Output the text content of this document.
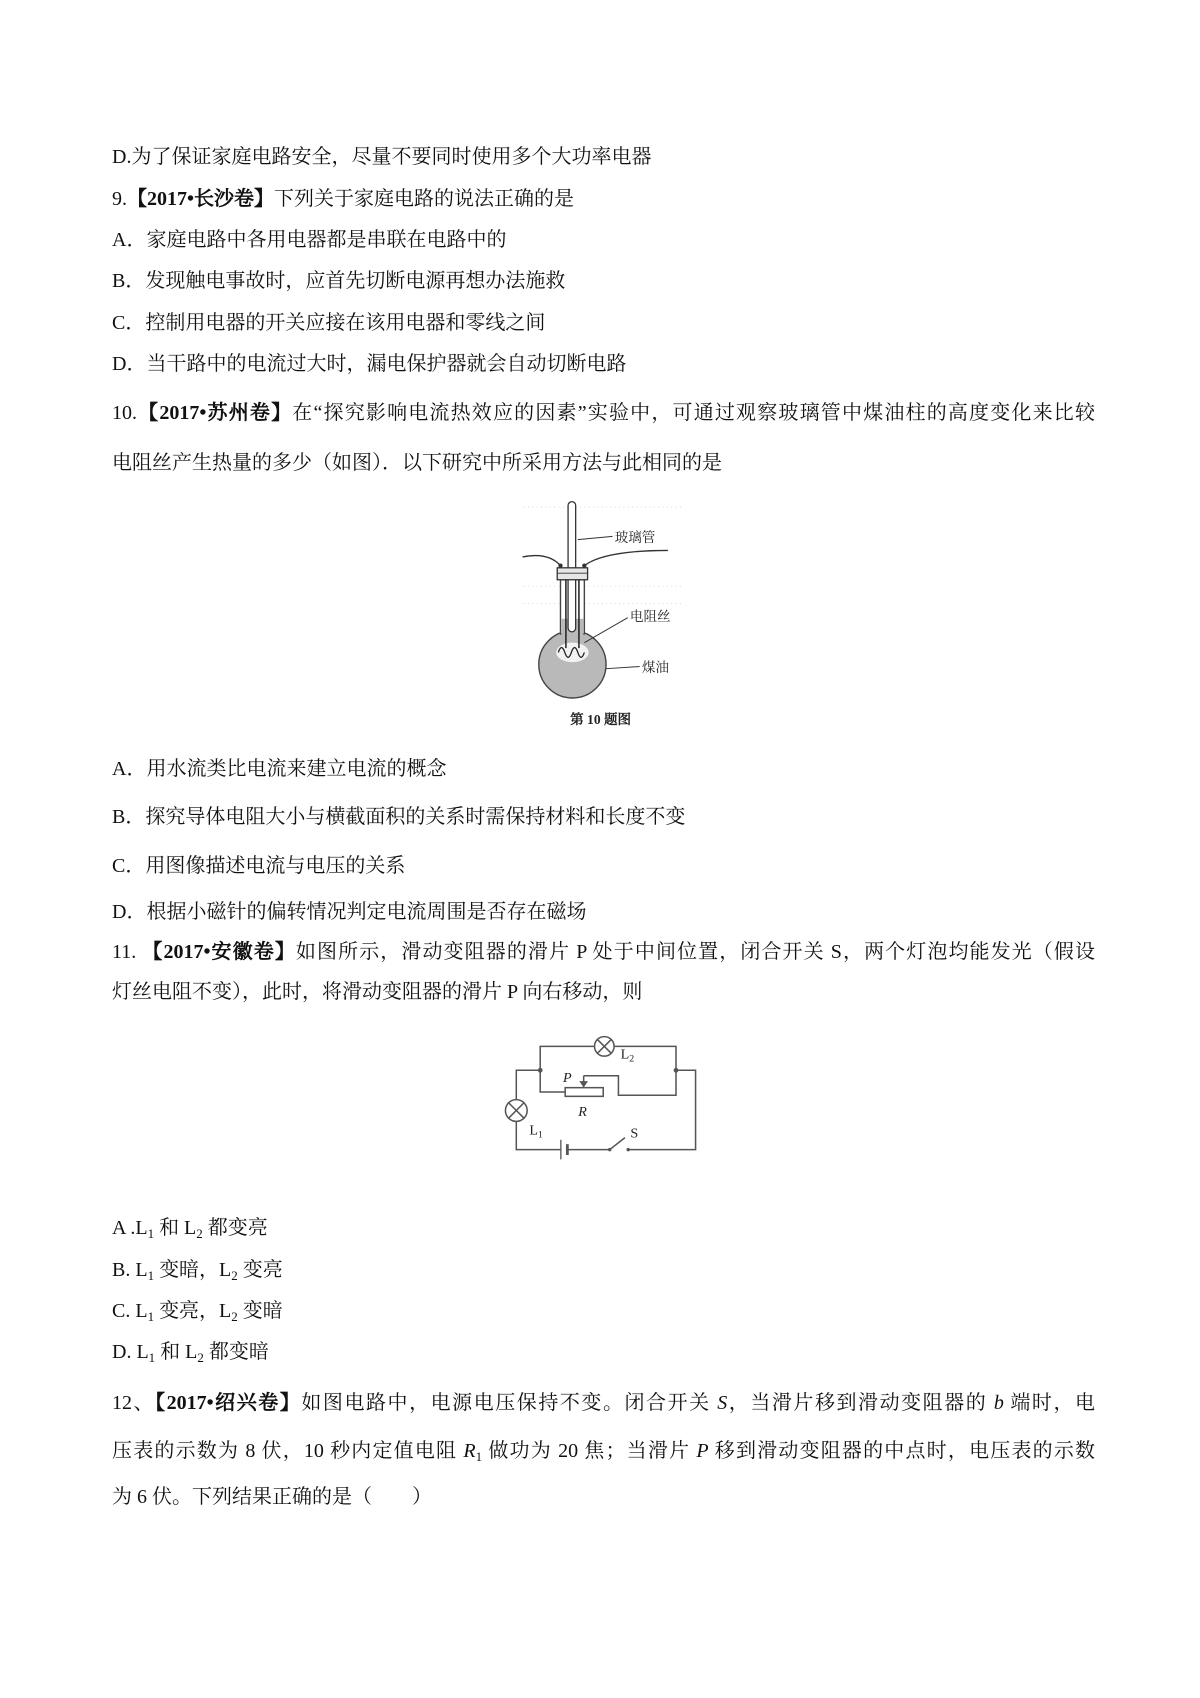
D.为了保证家庭电路安全，尽量不要同时使用多个大功率电器
9.【2017•长沙卷】下列关于家庭电路的说法正确的是
A．家庭电路中各用电器都是串联在电路中的
B．发现触电事故时，应首先切断电源再想办法施救
C．控制用电器的开关应接在该用电器和零线之间
D．当干路中的电流过大时，漏电保护器就会自动切断电路
10.【2017•苏州卷】在“探究影响电流热效应的因素”实验中，可通过观察玻璃管中煤油柱的高度变化来比较
电阻丝产生热量的多少（如图）．以下研究中所采用方法与此相同的是
玻璃管
电阻丝
煤油
第 10 题图
A．用水流类比电流来建立电流的概念
B．探究导体电阻大小与横截面积的关系时需保持材料和长度不变
C．用图像描述电流与电压的关系
D．根据小磁针的偏转情况判定电流周围是否存在磁场
11. 【2017•安徽卷】如图所示，滑动变阻器的滑片 P 处于中间位置，闭合开关 S，两个灯泡均能发光（假设
灯丝电阻不变），此时，将滑动变阻器的滑片 P 向右移动，则
$L_2$
P
R
$L_1$	S
A $.L_1$ 和 $L_2$ 都变亮
B. $L_1$ 变暗，$L_2$ 变亮
C. $L_1$ 变亮，$L_2$ 变暗
D. $L_1$ 和 $L_2$ 都变暗
12、【2017•绍兴卷】如图电路中，电源电压保持不变。闭合开关 S，当滑片移到滑动变阻器的 b 端时，电
压表的示数为 8 伏，10 秒内定值电阻 $R_1$ 做功为 20 焦；当滑片 P 移到滑动变阻器的中点时，电压表的示数
为 6 伏。下列结果正确的是（　　）
